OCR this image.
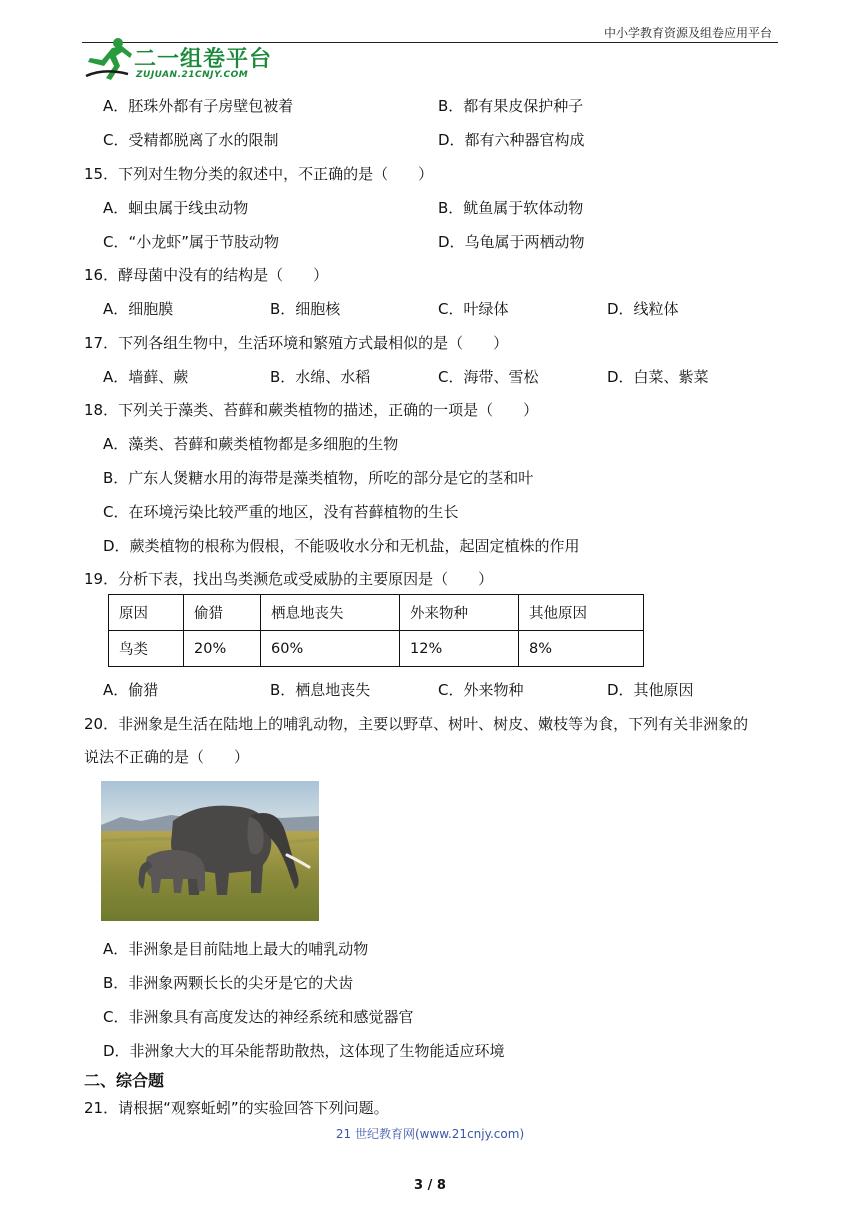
中小学教育资源及组卷应用平台
二一组卷平台
ZUJUAN.21CNJY.COM
A．胚珠外都有子房壁包被着	B．都有果皮保护种子
C．受精都脱离了水的限制	D．都有六种器官构成
15．下列对生物分类的叙述中，不正确的是（　　）
A．蛔虫属于线虫动物	B．鱿鱼属于软体动物
C．“小龙虾”属于节肢动物	D．乌龟属于两栖动物
16．酵母菌中没有的结构是（　　）
A．细胞膜	B．细胞核	C．叶绿体	D．线粒体
17．下列各组生物中，生活环境和繁殖方式最相似的是（　　）
A．墙藓、蕨	B．水绵、水稻	C．海带、雪松	D．白菜、紫菜
18．下列关于藻类、苔藓和蕨类植物的描述，正确的一项是（　　）
A．藻类、苔藓和蕨类植物都是多细胞的生物
B．广东人煲糖水用的海带是藻类植物，所吃的部分是它的茎和叶
C．在环境污染比较严重的地区，没有苔藓植物的生长
D．蕨类植物的根称为假根，不能吸收水分和无机盐，起固定植株的作用
19．分析下表，找出鸟类濒危或受威胁的主要原因是（　　）
原因	偷猎	栖息地丧失	外来物种	其他原因
鸟类	20%	60%	12%	8%
A．偷猎	B．栖息地丧失	C．外来物种	D．其他原因
20．非洲象是生活在陆地上的哺乳动物，主要以野草、树叶、树皮、嫩枝等为食，下列有关非洲象的
说法不正确的是（　　）
A．非洲象是目前陆地上最大的哺乳动物
B．非洲象两颗长长的尖牙是它的犬齿
C．非洲象具有高度发达的神经系统和感觉器官
D．非洲象大大的耳朵能帮助散热，这体现了生物能适应环境
二、综合题
21．请根据“观察蚯蚓”的实验回答下列问题。
21 世纪教育网(www.21cnjy.com)
3 / 8
